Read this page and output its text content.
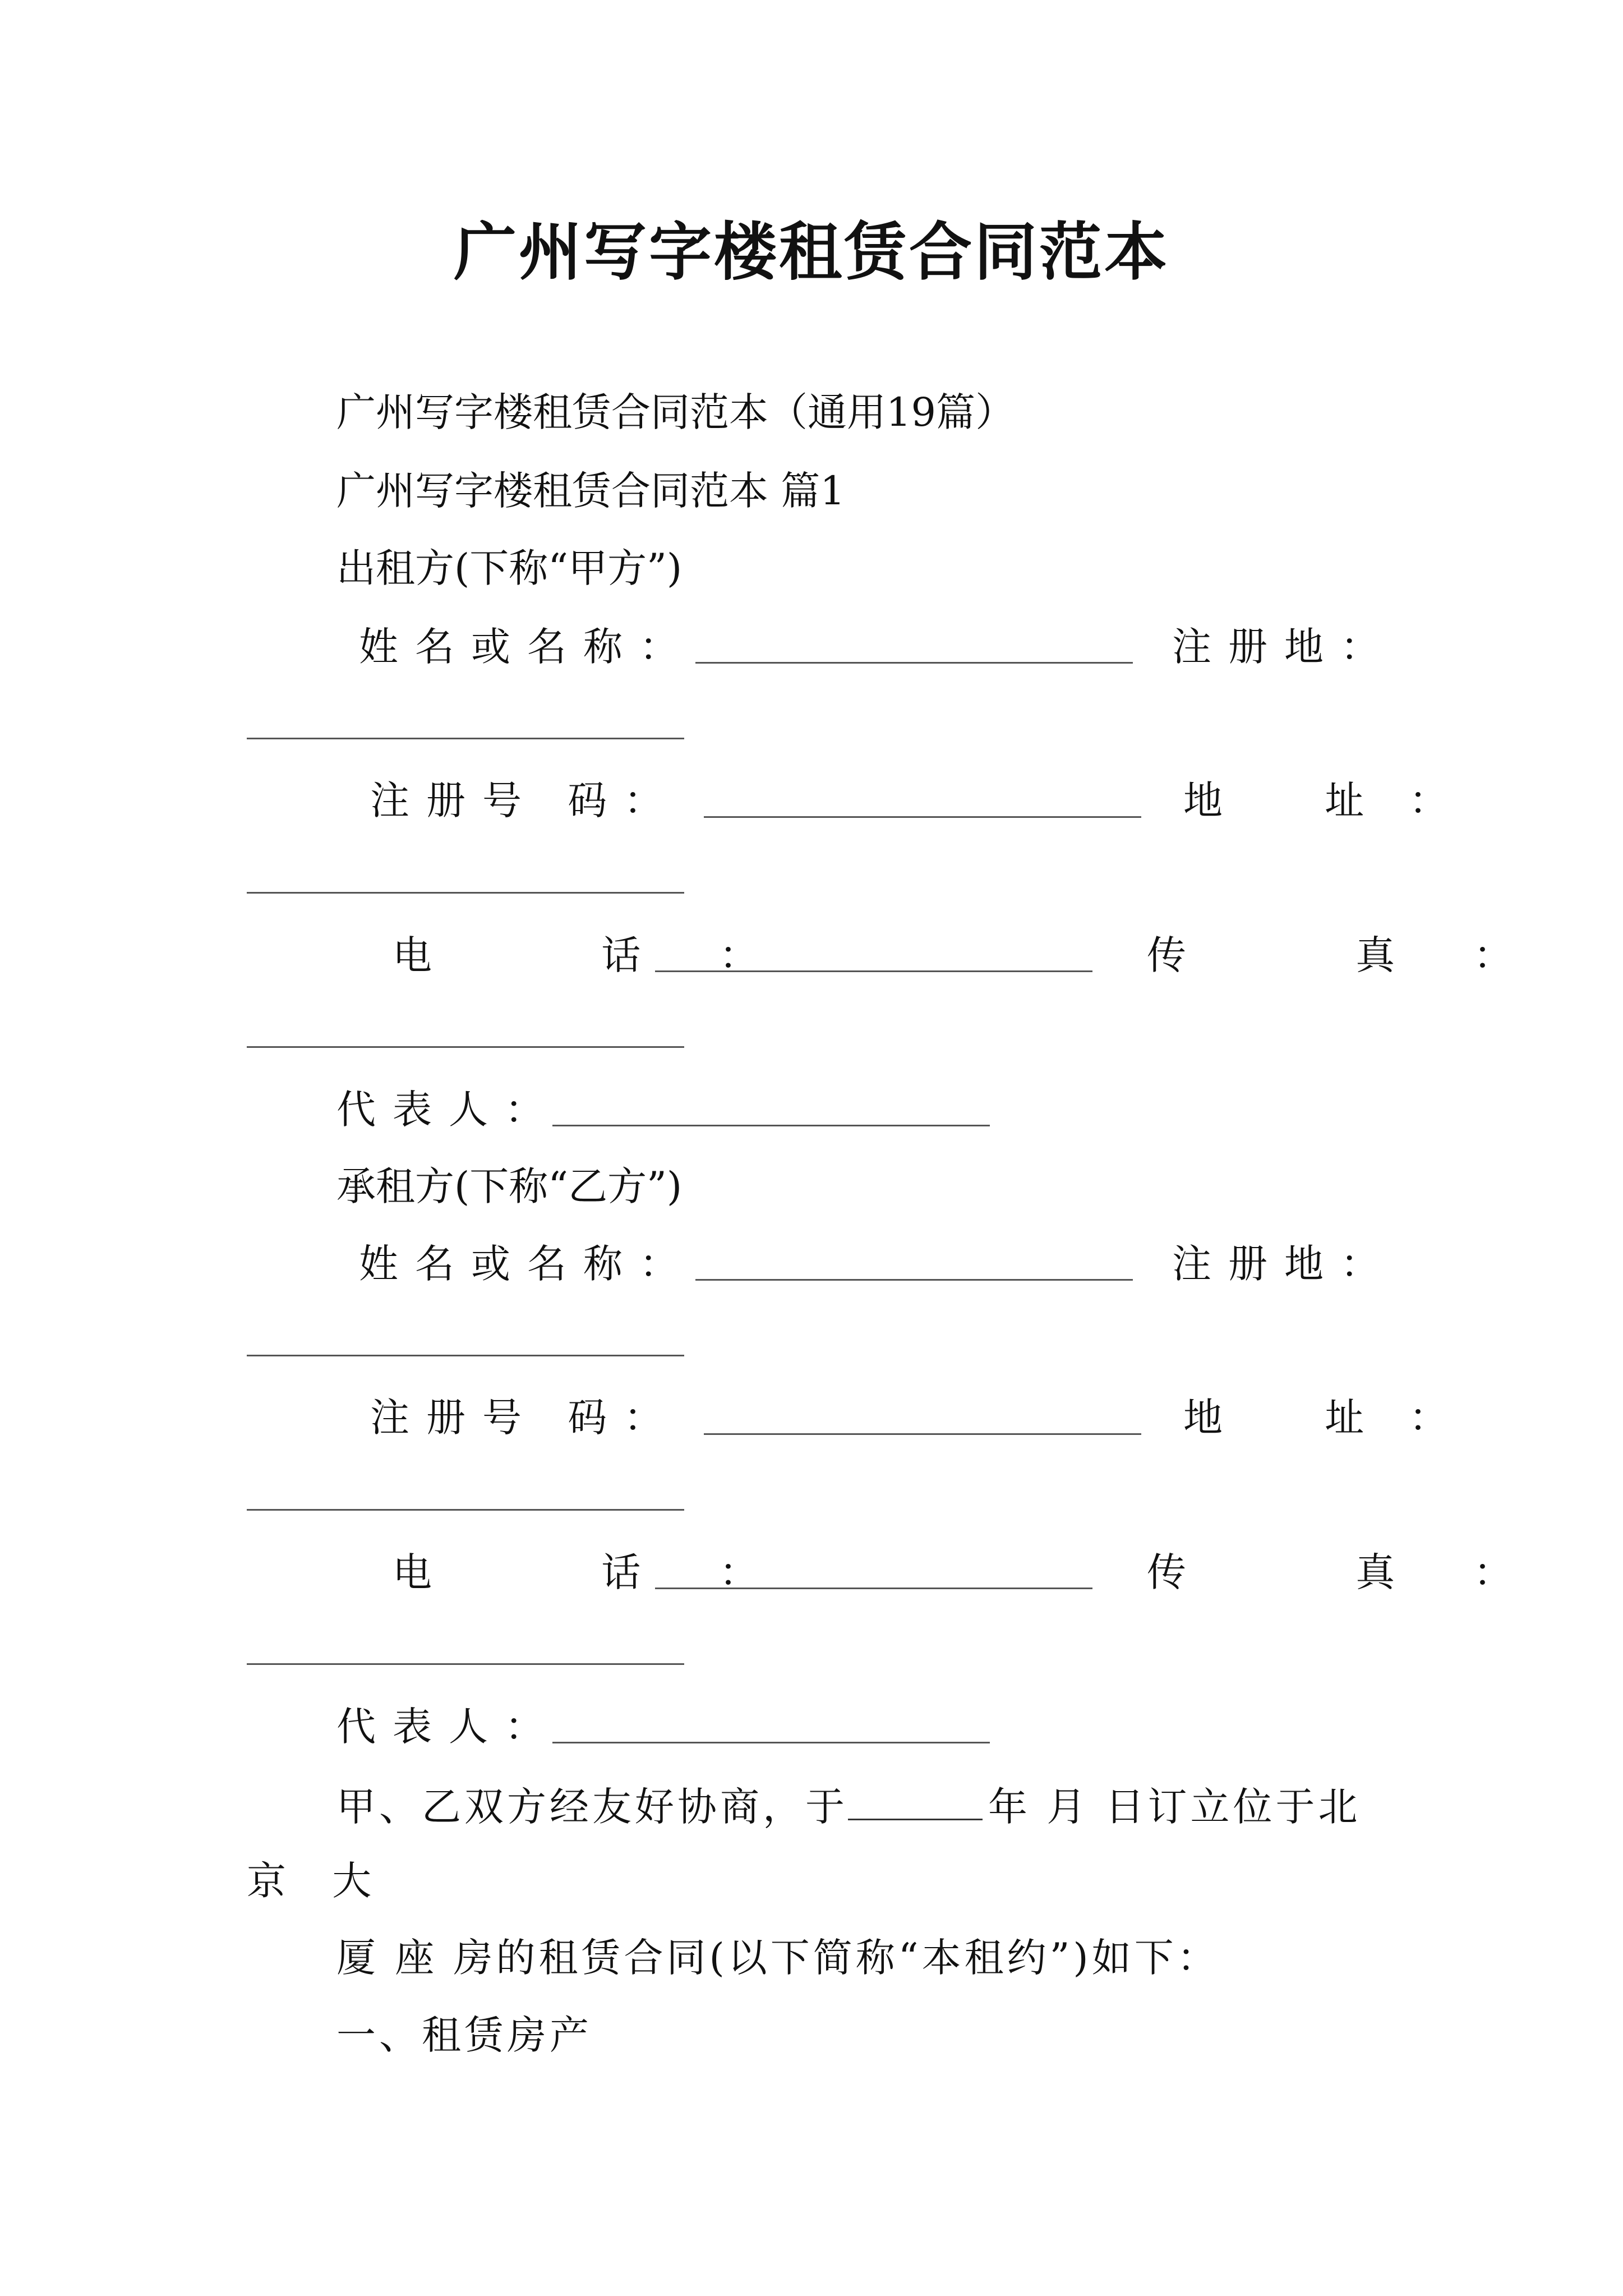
广州写字楼租赁合同范本
广州写字楼租赁合同范本（通用19篇）
广州写字楼租赁合同范本 篇1
出租方(下称“甲方”)
姓名或名称：	注册地：
注册号 码：	地 址：
电 话：	传 真：
代表人：
承租方(下称“乙方”)
姓名或名称：	注册地：
注册号 码：	地 址：
电 话：	传 真：
代表人：
甲、乙双方经友好协商，于	年 月 日订立位于北
京 大
厦 座 房的租赁合同(以下简称“本租约”)如下：
一、租赁房产
